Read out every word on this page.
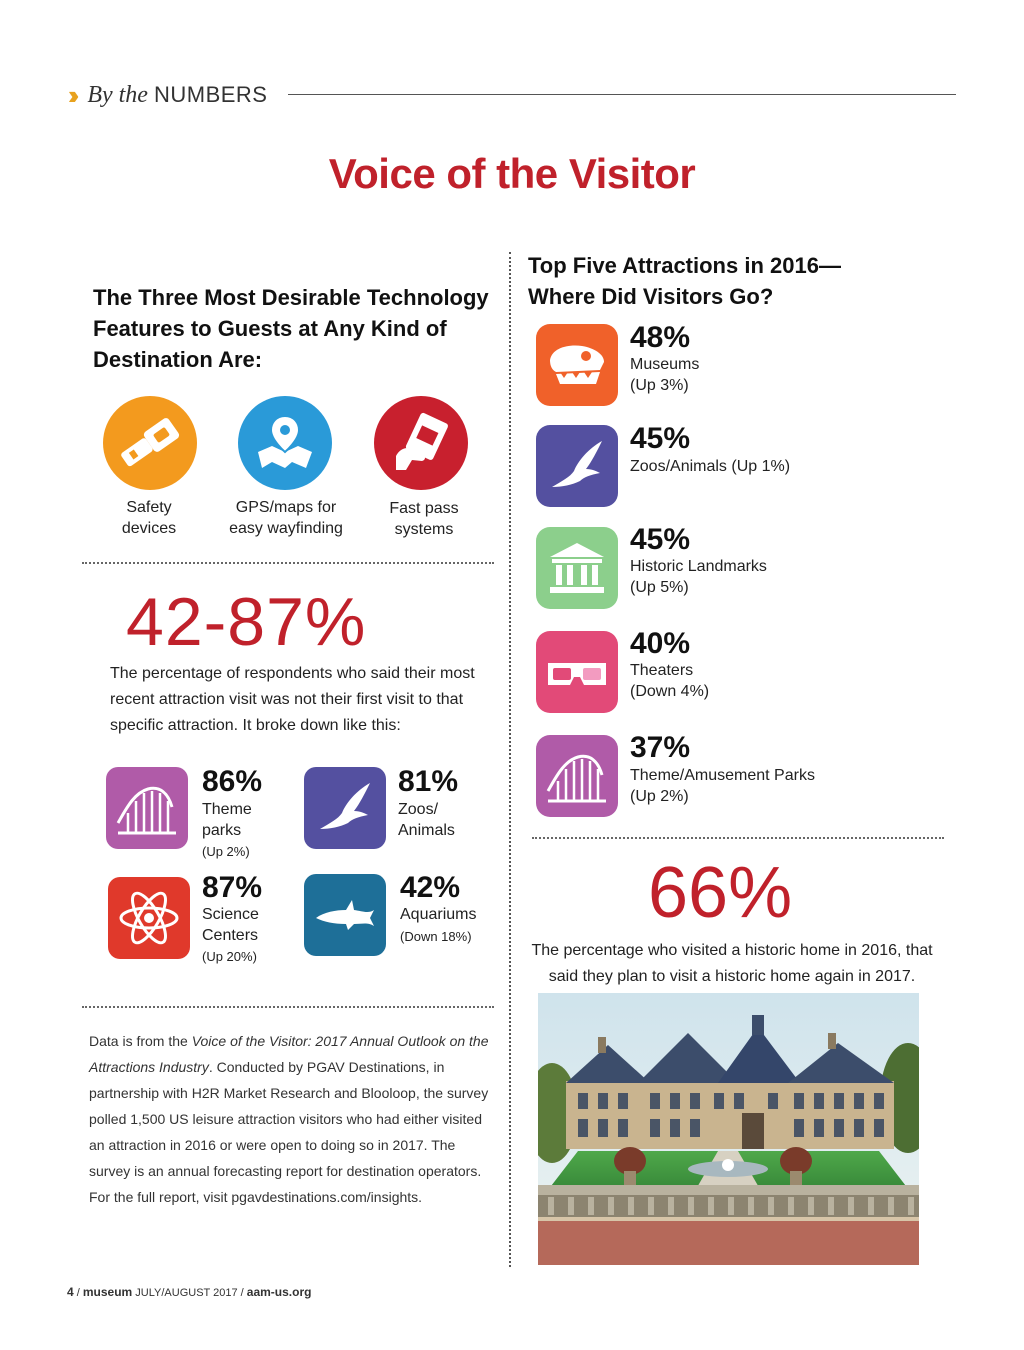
›› By the NUMBERS
Voice of the Visitor
The Three Most Desirable Technology Features to Guests at Any Kind of Destination Are:
Safety
devices
GPS/maps for
easy wayfinding
Fast pass
systems
42-87%
The percentage of respondents who said their most recent attraction visit was not their first visit to that specific attraction. It broke down like this:
86%
Theme
parks
(Up 2%)
81%
Zoos/
Animals
87%
Science
Centers
(Up 20%)
42%
Aquariums
(Down 18%)
Data is from the Voice of the Visitor: 2017 Annual Outlook on the Attractions Industry. Conducted by PGAV Destinations, in partnership with H2R Market Research and Blooloop, the survey polled 1,500 US leisure attraction visitors who had either visited an attraction in 2016 or were open to doing so in 2017. The survey is an annual forecasting report for destination operators. For the full report, visit pgavdestinations.com/insights.
4 / museum JULY/AUGUST 2017 / aam-us.org
Top Five Attractions in 2016—
Where Did Visitors Go?
48%
Museums
(Up 3%)
45%
Zoos/Animals (Up 1%)
45%
Historic Landmarks
(Up 5%)
40%
Theaters
(Down 4%)
37%
Theme/Amusement Parks
(Up 2%)
66%
The percentage who visited a historic home in 2016, that said they plan to visit a historic home again in 2017.
